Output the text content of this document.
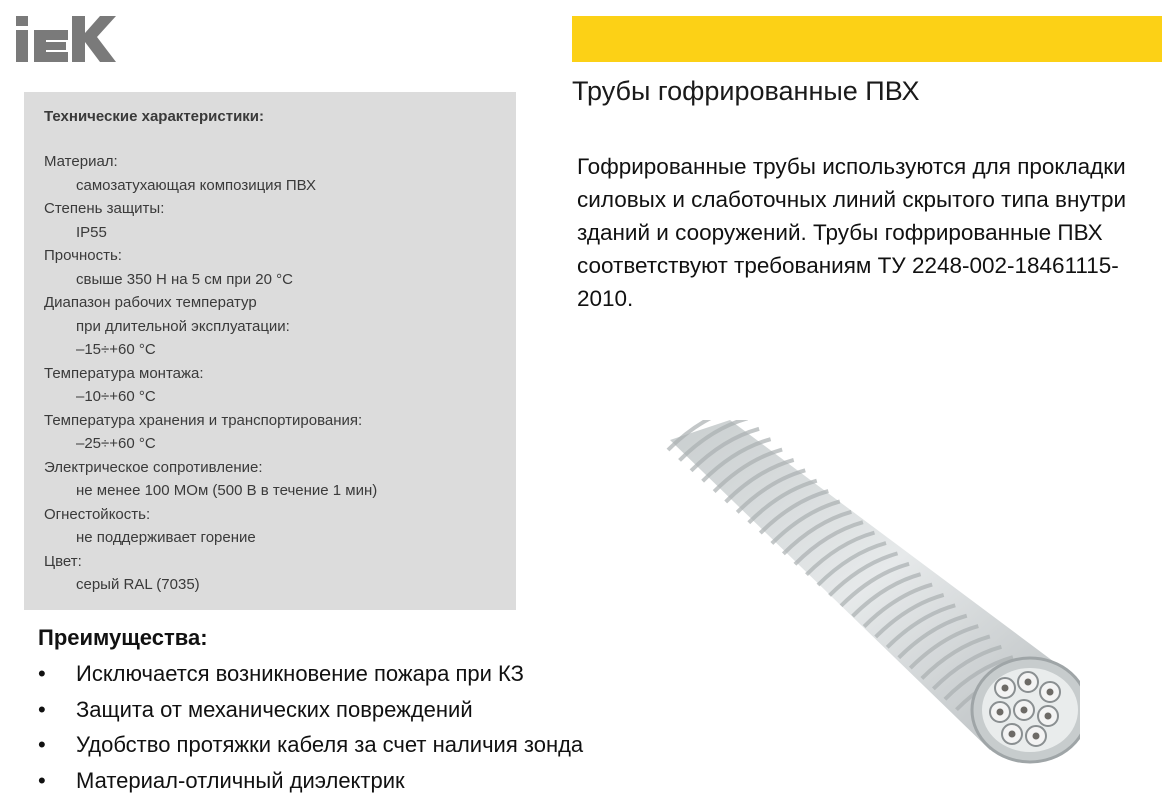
Трубы гофрированные ПВХ

Гофрированные трубы используются для прокладки силовых и слаботочных линий скрытого типа внутри зданий и сооружений. Трубы гофрированные ПВХ соответствуют требованиям ТУ 2248-002-18461115-2010.

Технические характеристики:
Материал:
самозатухающая композиция ПВХ
Степень защиты:
IP55
Прочность:
свыше 350 Н на 5 см при 20 °С
Диапазон рабочих температур
при длительной эксплуатации:
–15÷+60 °С
Температура монтажа:
–10÷+60 °С
Температура хранения и транспортирования:
–25÷+60 °С
Электрическое сопротивление:
не менее 100 МОм (500 В в течение 1 мин)
Огнестойкость:
не поддерживает горение
Цвет:
серый RAL (7035)
Преимущества:
• Исключается возникновение пожара при КЗ
• Защита от механических повреждений
• Удобство протяжки кабеля за счет наличия зонда
• Материал-отличный диэлектрик
